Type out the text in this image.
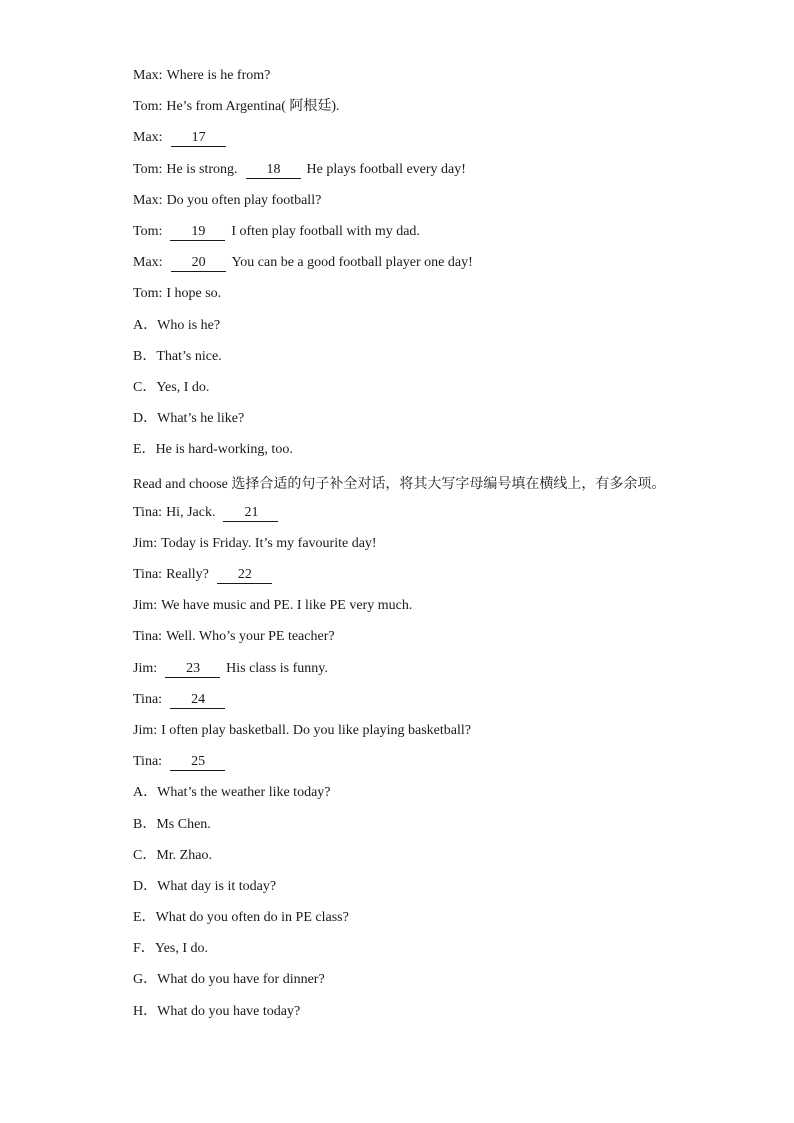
Max: Where is he from?
Tom: He’s from Argentina( 阿根廷).
Max: 17
Tom: He is strong. 18 He plays football every day!
Max: Do you often play football?
Tom: 19 I often play football with my dad.
Max: 20 You can be a good football player one day!
Tom: I hope so.
A．Who is he?
B．That’s nice.
C．Yes, I do.
D．What’s he like?
E．He is hard-working, too.
Read and choose 选择合适的句子补全对话，将其大写字母编号填在横线上，有多余项。
Tina: Hi, Jack. 21
Jim: Today is Friday. It’s my favourite day!
Tina: Really? 22
Jim: We have music and PE. I like PE very much.
Tina: Well. Who’s your PE teacher?
Jim: 23 His class is funny.
Tina: 24
Jim: I often play basketball. Do you like playing basketball?
Tina: 25
A．What’s the weather like today?
B．Ms Chen.
C．Mr. Zhao.
D．What day is it today?
E．What do you often do in PE class?
F．Yes, I do.
G．What do you have for dinner?
H．What do you have today?
